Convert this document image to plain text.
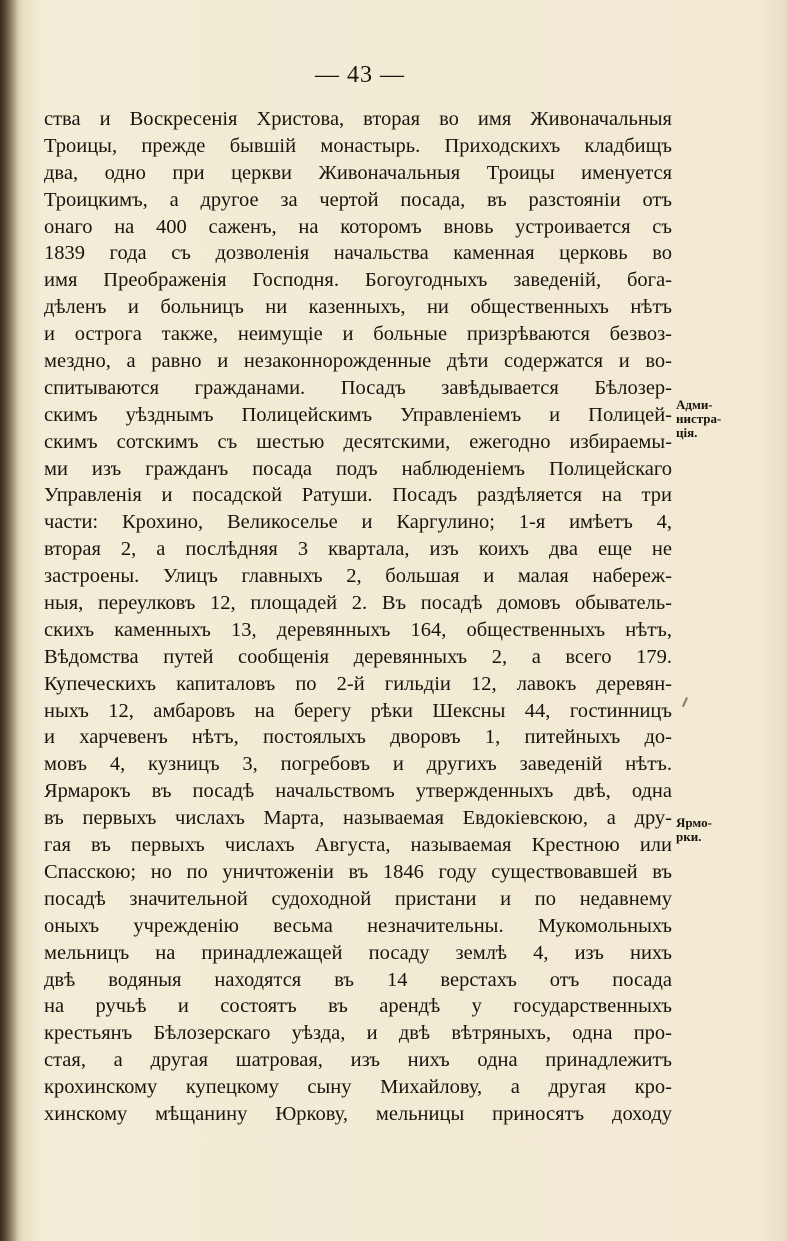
— 43 —
ства и Воскресенія Христова, вторая во имя Живоначальныя
Троицы, прежде бывшій монастырь. Приходскихъ кладбищъ
два, одно при церкви Живоначальныя Троицы именуется
Троицкимъ, а другое за чертой посада, въ разстояніи отъ
онаго на 400 саженъ, на которомъ вновь устроивается съ
1839 года съ дозволенія начальства каменная церковь во
имя Преображенія Господня. Богоугодныхъ заведеній, бога-
дѣленъ и больницъ ни казенныхъ, ни общественныхъ нѣтъ
и острога также, неимущіе и больные призрѣваются безвоз-
мездно, а равно и незаконнорожденные дѣти содержатся и во-
спитываются гражданами. Посадъ завѣдывается Бѣлозер-
скимъ уѣзднымъ Полицейскимъ Управленіемъ и Полицей-
скимъ сотскимъ съ шестью десятскими, ежегодно избираемы-
ми изъ гражданъ посада подъ наблюденіемъ Полицейскаго
Управленія и посадской Ратуши. Посадъ раздѣляется на три
части: Крохино, Великоселье и Каргулино; 1-я имѣетъ 4,
вторая 2, а послѣдняя 3 квартала, изъ коихъ два еще не
застроены. Улицъ главныхъ 2, большая и малая набереж-
ныя, переулковъ 12, площадей 2. Въ посадѣ домовъ обыватель-
скихъ каменныхъ 13, деревянныхъ 164, общественныхъ нѣтъ,
Вѣдомства путей сообщенія деревянныхъ 2, а всего 179.
Купеческихъ капиталовъ по 2-й гильдіи 12, лавокъ деревян-
ныхъ 12, амбаровъ на берегу рѣки Шексны 44, гостинницъ
и харчевенъ нѣтъ, постоялыхъ дворовъ 1, питейныхъ до-
мовъ 4, кузницъ 3, погребовъ и другихъ заведеній нѣтъ.
Ярмарокъ въ посадѣ начальствомъ утвержденныхъ двѣ, одна
въ первыхъ числахъ Марта, называемая Евдокіевскою, а дру-
гая въ первыхъ числахъ Августа, называемая Крестною или
Спасскою; но по уничтоженіи въ 1846 году существовавшей въ
посадѣ значительной судоходной пристани и по недавнему
оныхъ учрежденію весьма незначительны. Мукомольныхъ
мельницъ на принадлежащей посаду землѣ 4, изъ нихъ
двѣ водяныя находятся въ 14 верстахъ отъ посада
на ручьѣ и состоятъ въ арендѣ у государственныхъ
крестьянъ Бѣлозерскаго уѣзда, и двѣ вѣтряныхъ, одна про-
стая, а другая шатровая, изъ нихъ одна принадлежитъ
крохинскому купецкому сыну Михайлову, а другая кро-
хинскому мѣщанину Юркову, мельницы приносятъ доходу
Адми-
нистра-
ція.
Ярмо-
рки.
